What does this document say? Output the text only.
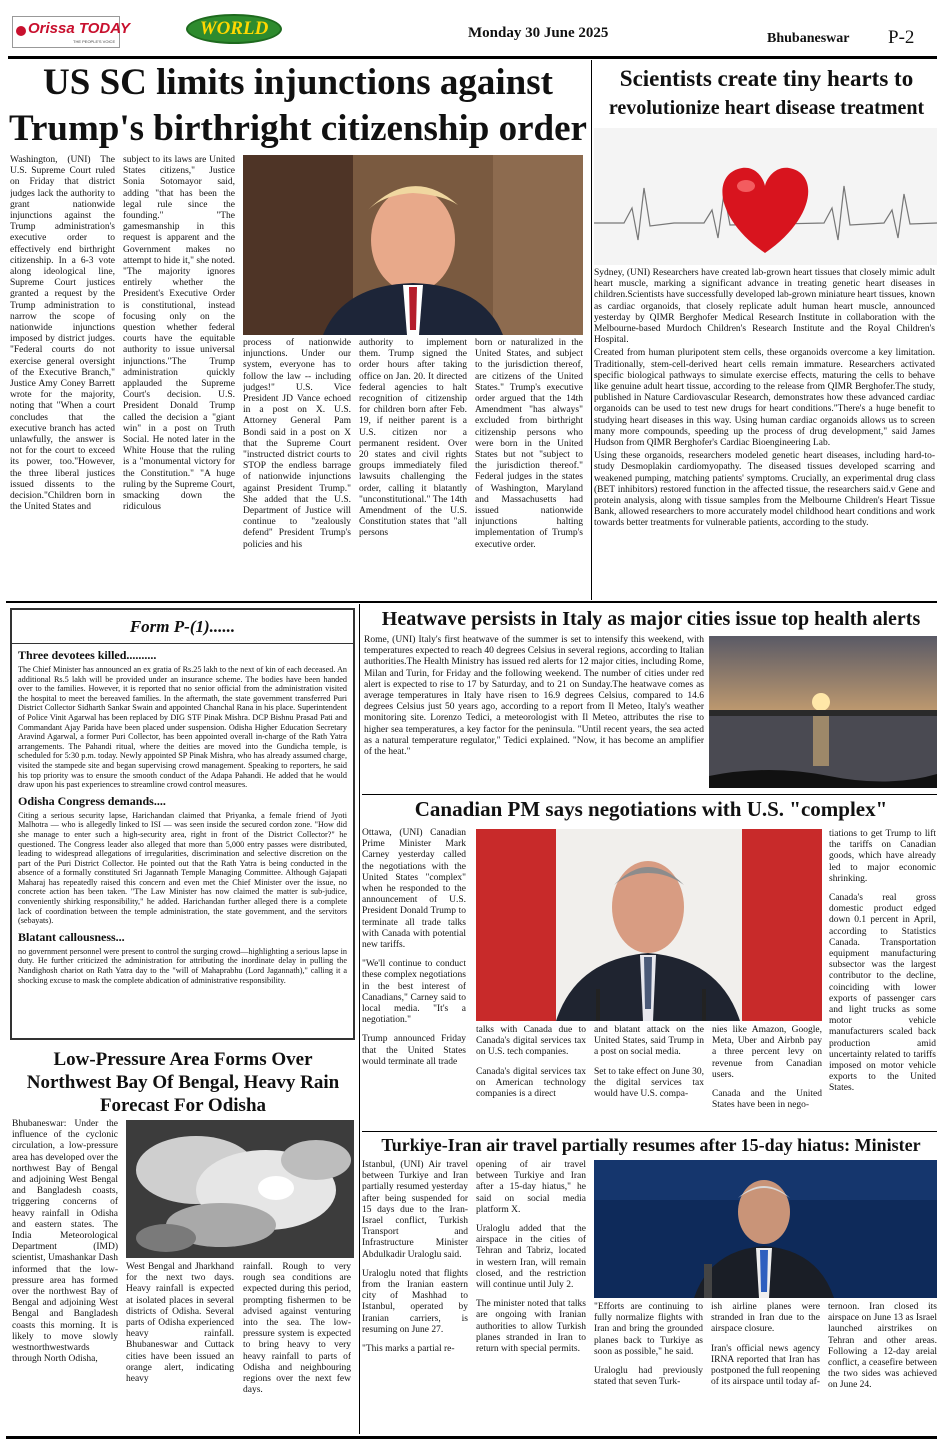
Orissa TODAY
THE PEOPLE'S VOICE
WORLD	Monday 30 June 2025	Bhubaneswar P-2
US SC limits injunctions against
Trump's birthright citizenship order
Washington, (UNI) The U.S. Supreme Court ruled on Friday that district judges lack the authority to grant nationwide injunctions against the Trump administration's executive order to effectively end birthright citizenship. In a 6-3 vote along ideological line, Supreme Court justices granted a request by the Trump administration to narrow the scope of nationwide injunctions imposed by district judges. "Federal courts do not exercise general oversight of the Executive Branch," Justice Amy Coney Barrett wrote for the majority, noting that "When a court concludes that the executive branch has acted unlawfully, the answer is not for the court to exceed its power, too."However, the three liberal justices issued dissents to the decision."Children born in the United States and
subject to its laws are United States citizens," Justice Sonia Sotomayor said, adding "that has been the legal rule since the founding." "The gamesmanship in this request is apparent and the Government makes no attempt to hide it," she noted. "The majority ignores entirely whether the President's Executive Order is constitutional, instead focusing only on the question whether federal courts have the equitable authority to issue universal injunctions."The Trump administration quickly applauded the Supreme Court's decision. U.S. President Donald Trump called the decision a "giant win" in a post on Truth Social. He noted later in the White House that the ruling is a "monumental victory for the Constitution." "A huge ruling by the Supreme Court, smacking down the ridiculous
process of nationwide injunctions. Under our system, everyone has to follow the law -- including judges!" U.S. Vice President JD Vance echoed in a post on X. U.S. Attorney General Pam Bondi said in a post on X that the Supreme Court "instructed district courts to STOP the endless barrage of nationwide injunctions against President Trump." She added that the U.S. Department of Justice will continue to "zealously defend" President Trump's policies and his
authority to implement them. Trump signed the order hours after taking office on Jan. 20. It directed federal agencies to halt recognition of citizenship for children born after Feb. 19, if neither parent is a U.S. citizen nor a permanent resident. Over 20 states and civil rights groups immediately filed lawsuits challenging the order, calling it blatantly "unconstitutional." The 14th Amendment of the U.S. Constitution states that "all persons
born or naturalized in the United States, and subject to the jurisdiction thereof, are citizens of the United States." Trump's executive order argued that the 14th Amendment "has always" excluded from birthright citizenship persons who were born in the United States but not "subject to the jurisdiction thereof." Federal judges in the states of Washington, Maryland and Massachusetts had issued nationwide injunctions halting implementation of Trump's executive order.
Scientists create tiny hearts to
revolutionize heart disease treatment

Sydney, (UNI) Researchers have created lab-grown heart tissues that closely mimic adult heart muscle, marking a significant advance in treating genetic heart diseases in children.Scientists have successfully developed lab-grown miniature heart tissues, known as cardiac organoids, that closely replicate adult human heart muscle, announced yesterday by QIMR Berghofer Medical Research Institute in collaboration with the Melbourne-based Murdoch Children's Research Institute and the Royal Children's Hospital.

Created from human pluripotent stem cells, these organoids overcome a key limitation. Traditionally, stem-cell-derived heart cells remain immature. Researchers activated specific biological pathways to simulate exercise effects, maturing the cells to behave like genuine adult heart tissue, according to the release from QIMR Berghofer.The study, published in Nature Cardiovascular Research, demonstrates how these advanced cardiac organoids can be used to test new drugs for heart conditions."There's a huge benefit to studying heart diseases in this way. Using human cardiac organoids allows us to screen many more compounds, speeding up the process of drug development," said James Hudson from QIMR Berghofer's Cardiac Bioengineering Lab.

Using these organoids, researchers modeled genetic heart diseases, including hard-to-study Desmoplakin cardiomyopathy. The diseased tissues developed scarring and weakened pumping, matching patients' symptoms. Crucially, an experimental drug class (BET inhibitors) restored function in the affected tissue, the researchers said.v Gene and protein analysis, along with tissue samples from the Melbourne Children's Heart Tissue Bank, allowed researchers to more accurately model childhood heart conditions and work towards better treatments for vulnerable patients, according to the study.

Form P-(1)......
Three devotees killed..........

The Chief Minister has announced an ex gratia of Rs.25 lakh to the next of kin of each deceased. An additional Rs.5 lakh will be provided under an insurance scheme. The bodies have been handed over to the families. However, it is reported that no senior official from the administration visited the hospital to meet the bereaved families. In the aftermath, the state government transferred Puri District Collector Sidharth Sankar Swain and appointed Chanchal Rana in his place. Superintendent of Police Vinit Agarwal has been replaced by DIG STF Pinak Mishra. DCP Bishnu Prasad Pati and Commandant Ajay Parida have been placed under suspension. Odisha Higher Education Secretary Aravind Agarwal, a former Puri Collector, has been appointed overall in-charge of the Rath Yatra arrangements. The Pahandi ritual, where the deities are moved into the Gundicha temple, is scheduled for 5:30 p.m. today. Newly appointed SP Pinak Mishra, who has already assumed charge, visited the stampede site and began supervising crowd management. Speaking to reporters, he said his top priority was to ensure the smooth conduct of the Adapa Pahandi. He added that he would draw upon his past experiences to streamline crowd control measures.

Odisha Congress demands....

Citing a serious security lapse, Harichandan claimed that Priyanka, a female friend of Jyoti Malhotra — who is allegedly linked to ISI — was seen inside the secured cordon zone. "How did she manage to enter such a high-security area, right in front of the District Collector?" he questioned. The Congress leader also alleged that more than 5,000 entry passes were distributed, leading to widespread allegations of irregularities, discrimination and selective discretion on the part of the Puri District Collector. He pointed out that the Rath Yatra is being conducted in the absence of a formally constituted Sri Jagannath Temple Managing Committee. Although Gajapati Maharaj has repeatedly raised this concern and even met the Chief Minister over the issue, no concrete action has been taken. "The Law Minister has now claimed the matter is sub-judice, conveniently shirking responsibility," he added. Harichandan further alleged there is a complete lack of coordination between the temple administration, the state government, and the servitors (sebayats).

Blatant callousness...

no government personnel were present to control the surging crowd—highlighting a serious lapse in duty. He further criticized the administration for attributing the inordinate delay in pulling the Nandighosh chariot on Rath Yatra day to the "will of Mahaprabhu (Lord Jagannath)," calling it a shocking excuse to mask the complete abdication of administrative responsibility.

Heatwave persists in Italy as major cities issue top health alerts
Rome, (UNI) Italy's first heatwave of the summer is set to intensify this weekend, with temperatures expected to reach 40 degrees Celsius in several regions, according to Italian authorities.The Health Ministry has issued red alerts for 12 major cities, including Rome, Milan and Turin, for Friday and the following weekend. The number of cities under red alert is expected to rise to 17 by Saturday, and to 21 on Sunday.The heatwave comes as average temperatures in Italy have risen to 16.9 degrees Celsius, compared to 14.6 degrees Celsius just 50 years ago, according to a report from Il Meteo, Italy's weather monitoring site. Lorenzo Tedici, a meteorologist with Il Meteo, attributes the rise to higher sea temperatures, a key factor for the peninsula. "Until recent years, the sea acted as a natural temperature regulator," Tedici explained. "Now, it has become an amplifier of the heat."
Canadian PM says negotiations with U.S. "complex"

Ottawa, (UNI) Canadian Prime Minister Mark Carney yesterday called the negotiations with the United States "complex" when he responded to the announcement of U.S. President Donald Trump to terminate all trade talks with Canada with potential new tariffs.

"We'll continue to conduct these complex negotiations in the best interest of Canadians," Carney said to local media. "It's a negotiation."

Trump announced Friday that the United States would terminate all trade

talks with Canada due to Canada's digital services tax on U.S. tech companies.

Canada's digital services tax on American technology companies is a direct

and blatant attack on the United States, said Trump in a post on social media.

Set to take effect on June 30, the digital services tax would have U.S. compa-

nies like Amazon, Google, Meta, Uber and Airbnb pay a three percent levy on revenue from Canadian users.

Canada and the United States have been in nego-

tiations to get Trump to lift the tariffs on Canadian goods, which have already led to major economic shrinking.

Canada's real gross domestic product edged down 0.1 percent in April, according to Statistics Canada. Transportation equipment manufacturing subsector was the largest contributor to the decline, coinciding with lower exports of passenger cars and light trucks as some motor vehicle manufacturers scaled back production amid uncertainty related to tariffs imposed on motor vehicle exports to the United States.

Low-Pressure Area Forms Over Northwest Bay Of Bengal, Heavy Rain Forecast For Odisha
Bhubaneswar: Under the influence of the cyclonic circulation, a low-pressure area has developed over the northwest Bay of Bengal and adjoining West Bengal and Bangladesh coasts, triggering concerns of heavy rainfall in Odisha and eastern states. The India Meteorological Department (IMD) scientist, Umashankar Dash informed that the low-pressure area has formed over the northwest Bay of Bengal and adjoining West Bengal and Bangladesh coasts this morning. It is likely to move slowly westnorthwestwards through North Odisha,
West Bengal and Jharkhand for the next two days. Heavy rainfall is expected at isolated places in several districts of Odisha. Several parts of Odisha experienced heavy rainfall. Bhubaneswar and Cuttack cities have been issued an orange alert, indicating heavy
rainfall. Rough to very rough sea conditions are expected during this period, prompting fishermen to be advised against venturing into the sea. The low-pressure system is expected to bring heavy to very heavy rainfall to parts of Odisha and neighbouring regions over the next few days.
Turkiye-Iran air travel partially resumes after 15-day hiatus: Minister

Istanbul, (UNI) Air travel between Turkiye and Iran partially resumed yesterday after being suspended for 15 days due to the Iran-Israel conflict, Turkish Transport and Infrastructure Minister Abdulkadir Uraloglu said.

Uraloglu noted that flights from the Iranian eastern city of Mashhad to Istanbul, operated by Iranian carriers, is resuming on June 27.

"This marks a partial re-

opening of air travel between Turkiye and Iran after a 15-day hiatus," he said on social media platform X.

Uraloglu added that the airspace in the cities of Tehran and Tabriz, located in western Iran, will remain closed, and the restriction will continue until July 2.

The minister noted that talks are ongoing with Iranian authorities to allow Turkish planes stranded in Iran to return with special permits.

"Efforts are continuing to fully normalize flights with Iran and bring the grounded planes back to Turkiye as soon as possible," he said.

Uraloglu had previously stated that seven Turk-

ish airline planes were stranded in Iran due to the airspace closure.

Iran's official news agency IRNA reported that Iran has postponed the full reopening of its airspace until today af-

ternoon. Iran closed its airspace on June 13 as Israel launched airstrikes on Tehran and other areas. Following a 12-day areial conflict, a ceasefire between the two sides was achieved on June 24.
